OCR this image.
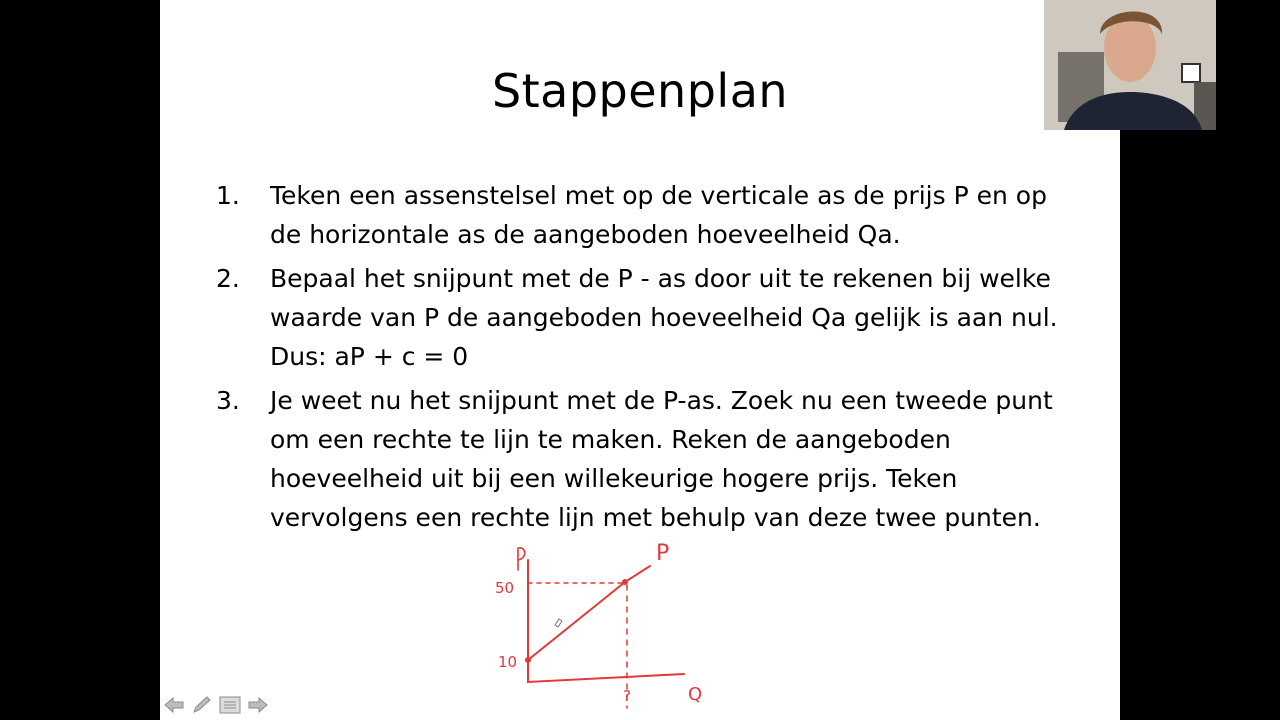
Stappenplan
1. Teken een assenstelsel met op de verticale as de prijs P en op de horizontale as de aangeboden hoeveelheid Qa.
2. Bepaal het snijpunt met de P - as door uit te rekenen bij welke waarde van P de aangeboden hoeveelheid Qa gelijk is aan nul. Dus: aP + c = 0
3. Je weet nu het snijpunt met de P-as. Zoek nu een tweede punt om een rechte te lijn te maken. Reken de aangeboden hoeveelheid uit bij een willekeurige hogere prijs. Teken vervolgens een rechte lijn met behulp van deze twee punten.
50
10
?
P
Q
